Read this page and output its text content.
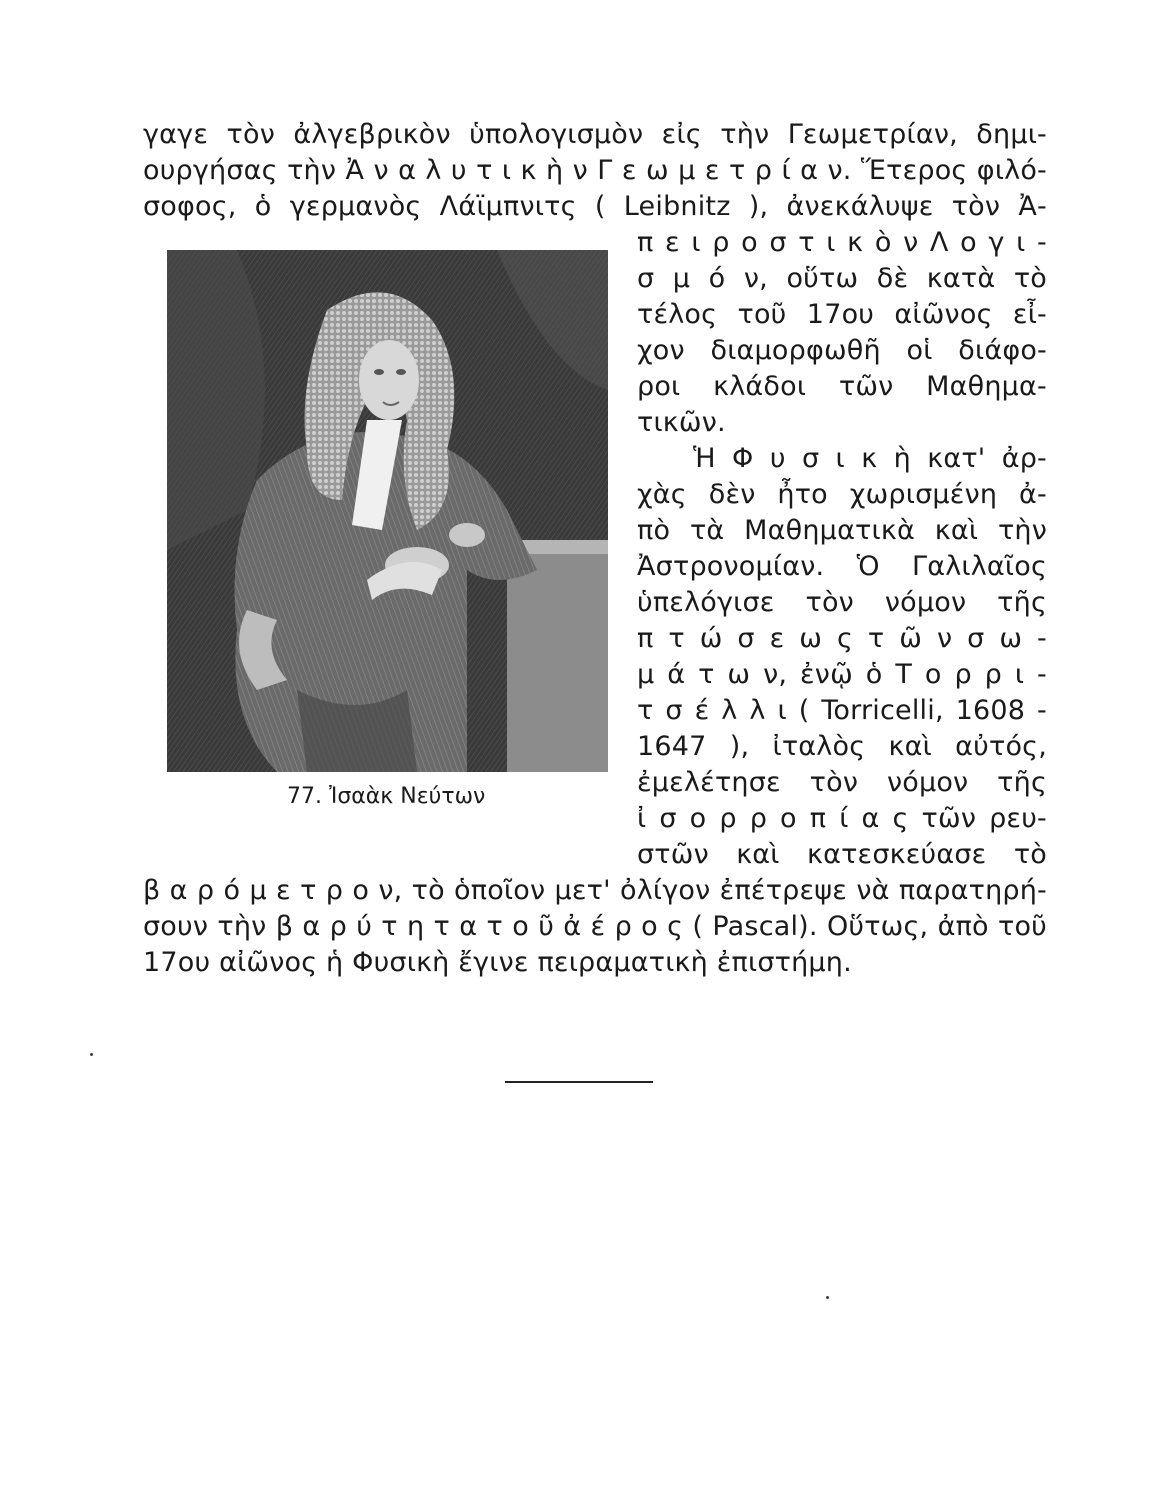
γαγε τὸν ἀλγεβρικὸν ὑπολογισμὸν εἰς τὴν Γεωμετρίαν, δημι-
ουργήσας τὴν Ἀ ν α λ υ τ ι κ ὴ ν Γ ε ω μ ε τ ρ ί α ν. Ἕτερος φιλό-
σοφος, ὁ γερμανὸς Λάϊμπνιτς ( Leibnitz ), ἀνεκάλυψε τὸν Ἀ-
π ε ι ρ ο σ τ ι κ ὸ ν Λ ο γ ι -
σ μ ό ν, οὕτω δὲ κατὰ τὸ
τέλος τοῦ 17ου αἰῶνος εἶ-
χον διαμορφωθῆ οἱ διάφο-
ροι κλάδοι τῶν Μαθημα-
τικῶν.
Ἡ Φ υ σ ι κ ὴ κατ' ἀρ-
χὰς δὲν ἦτο χωρισμένη ἀ-
πὸ τὰ Μαθηματικὰ καὶ τὴν
Ἀστρονομίαν. Ὁ Γαλιλαῖος
ὑπελόγισε τὸν νόμον τῆς
π τ ώ σ ε ω ς τ ῶ ν σ ω -
μ ά τ ω ν, ἐνῷ ὁ Τ ο ρ ρ ι -
τ σ έ λ λ ι ( Torricelli, 1608 -
1647 ), ἰταλὸς καὶ αὐτός,
ἐμελέτησε τὸν νόμον τῆς
ἰ σ ο ρ ρ ο π ί α ς τῶν ρευ-
στῶν καὶ κατεσκεύασε τὸ
β α ρ ό μ ε τ ρ ο ν, τὸ ὁποῖον μετ' ὀλίγον ἐπέτρεψε νὰ παρατηρή-
σουν τὴν β α ρ ύ τ η τ α τ ο ῦ ἀ έ ρ ο ς ( Pascal). Οὕτως, ἀπὸ τοῦ
17ου αἰῶνος ἡ Φυσικὴ ἔγινε πειραματικὴ ἐπιστήμη.
77. Ἰσαὰκ Νεύτων
